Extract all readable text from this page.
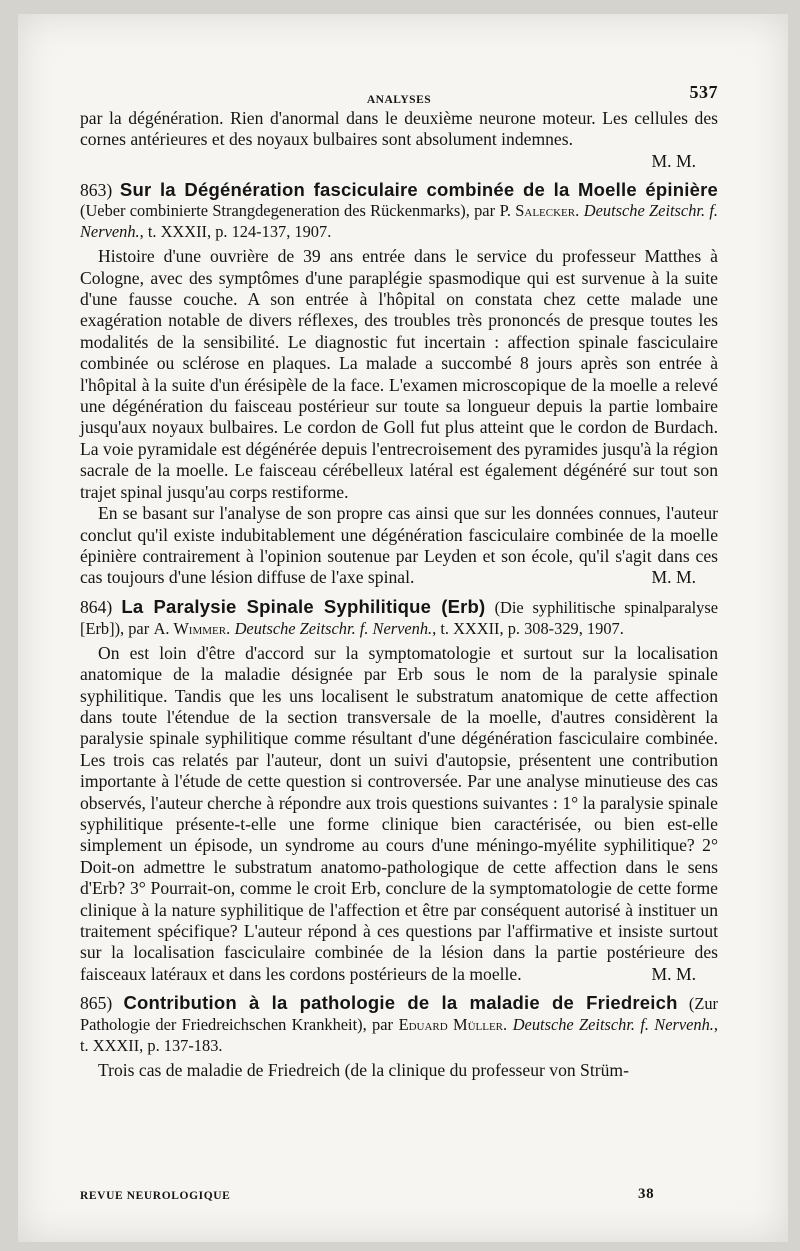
ANALYSES	537

par la dégénération. Rien d'anormal dans le deuxième neurone moteur. Les cellules des cornes antérieures et des noyaux bulbaires sont absolument indemnes.

M. M.

863) Sur la Dégénération fasciculaire combinée de la Moelle épinière (Ueber combinierte Strangdegeneration des Rückenmarks), par P. Salecker. Deutsche Zeitschr. f. Nervenh., t. XXXII, p. 124-137, 1907.

Histoire d'une ouvrière de 39 ans entrée dans le service du professeur Matthes à Cologne, avec des symptômes d'une paraplégie spasmodique qui est survenue à la suite d'une fausse couche. A son entrée à l'hôpital on constata chez cette malade une exagération notable de divers réflexes, des troubles très prononcés de presque toutes les modalités de la sensibilité. Le diagnostic fut incertain : affection spinale fasciculaire combinée ou sclérose en plaques. La malade a succombé 8 jours après son entrée à l'hôpital à la suite d'un érésipèle de la face. L'examen microscopique de la moelle a relevé une dégénération du faisceau postérieur sur toute sa longueur depuis la partie lombaire jusqu'aux noyaux bulbaires. Le cordon de Goll fut plus atteint que le cordon de Burdach. La voie pyramidale est dégénérée depuis l'entrecroisement des pyramides jusqu'à la région sacrale de la moelle. Le faisceau cérébelleux latéral est également dégénéré sur tout son trajet spinal jusqu'au corps restiforme.

En se basant sur l'analyse de son propre cas ainsi que sur les données connues, l'auteur conclut qu'il existe indubitablement une dégénération fasciculaire combinée de la moelle épinière contrairement à l'opinion soutenue par Leyden et son école, qu'il s'agit dans ces cas toujours d'une lésion diffuse de l'axe spinal.	M. M.

864) La Paralysie Spinale Syphilitique (Erb) (Die syphilitische spinalparalyse [Erb]), par A. Wimmer. Deutsche Zeitschr. f. Nervenh., t. XXXII, p. 308-329, 1907.

On est loin d'être d'accord sur la symptomatologie et surtout sur la localisation anatomique de la maladie désignée par Erb sous le nom de la paralysie spinale syphilitique. Tandis que les uns localisent le substratum anatomique de cette affection dans toute l'étendue de la section transversale de la moelle, d'autres considèrent la paralysie spinale syphilitique comme résultant d'une dégénération fasciculaire combinée. Les trois cas relatés par l'auteur, dont un suivi d'autopsie, présentent une contribution importante à l'étude de cette question si controversée. Par une analyse minutieuse des cas observés, l'auteur cherche à répondre aux trois questions suivantes : 1° la paralysie spinale syphilitique présente-t-elle une forme clinique bien caractérisée, ou bien est-elle simplement un épisode, un syndrome au cours d'une méningo-myélite syphilitique? 2° Doit-on admettre le substratum anatomo-pathologique de cette affection dans le sens d'Erb? 3° Pourrait-on, comme le croit Erb, conclure de la symptomatologie de cette forme clinique à la nature syphilitique de l'affection et être par conséquent autorisé à instituer un traitement spécifique? L'auteur répond à ces questions par l'affirmative et insiste surtout sur la localisation fasciculaire combinée de la lésion dans la partie postérieure des faisceaux latéraux et dans les cordons postérieurs de la moelle.	M. M.

865) Contribution à la pathologie de la maladie de Friedreich (Zur Pathologie der Friedreichschen Krankheit), par Eduard Müller. Deutsche Zeitschr. f. Nervenh., t. XXXII, p. 137-183.

Trois cas de maladie de Friedreich (de la clinique du professeur von Strüm-

REVUE NEUROLOGIQUE	38
